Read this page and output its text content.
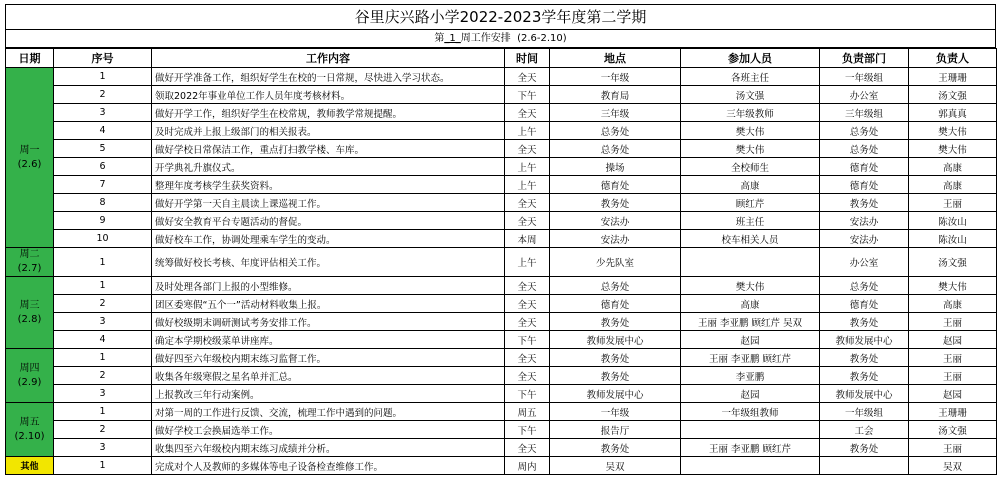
谷里庆兴路小学2022-2023学年度第二学期
第_1_周工作安排 (2.6-2.10)
日期	序号	工作内容	时间	地点	参加人员	负责部门	负责人

周一
(2.6)	1	做好开学准备工作，组织好学生在校的一日常规，尽快进入学习状态。	全天	一年级	各班主任	一年级组	王珊珊
	2	领取2022年事业单位工作人员年度考核材料。	下午	教育局	汤文强	办公室	汤文强
	3	做好开学工作，组织好学生在校常规，教师教学常规提醒。	全天	三年级	三年级教师	三年级组	郭真真
	4	及时完成并上报上级部门的相关报表。	上午	总务处	樊大伟	总务处	樊大伟
	5	做好学校日常保洁工作，重点打扫教学楼、车库。	全天	总务处	樊大伟	总务处	樊大伟
	6	开学典礼升旗仪式。	上午	操场	全校师生	德育处	高康
	7	整理年度考核学生获奖资料。	上午	德育处	高康	德育处	高康
	8	做好开学第一天自主晨读上课巡视工作。	全天	教务处	顾红芹	教务处	王丽
	9	做好安全教育平台专题活动的督促。	全天	安法办	班主任	安法办	陈汝山
	10	做好校车工作，协调处理乘车学生的变动。	本周	安法办	校车相关人员	安法办	陈汝山

周二
(2.7)	1	统筹做好校长考核、年度评估相关工作。	上午	少先队室		办公室	汤文强

周三
(2.8)	1	及时处理各部门上报的小型维修。	全天	总务处	樊大伟	总务处	樊大伟
	2	团区委寒假“五个一”活动材料收集上报。	全天	德育处	高康	德育处	高康
	3	做好校级期末调研测试考务安排工作。	全天	教务处	王丽 李亚鹏 顾红芹 吴双	教务处	王丽
	4	确定本学期校级菜单讲座库。	下午	教师发展中心	赵园	教师发展中心	赵园

周四
(2.9)	1	做好四至六年级校内期末练习监督工作。	全天	教务处	王丽 李亚鹏 顾红芹	教务处	王丽
	2	收集各年级寒假之星名单并汇总。	全天	教务处	李亚鹏	教务处	王丽
	3	上报教改三年行动案例。	下午	教师发展中心	赵园	教师发展中心	赵园

周五
(2.10)	1	对第一周的工作进行反馈、交流，梳理工作中遇到的问题。	周五	一年级	一年级组教师	一年级组	王珊珊
	2	做好学校工会换届选举工作。	下午	报告厅		工会	汤文强
	3	收集四至六年级校内期末练习成绩并分析。	全天	教务处	王丽 李亚鹏 顾红芹	教务处	王丽

其他	1	完成对个人及教师的多媒体等电子设备检查维修工作。	周内	吴双			吴双
